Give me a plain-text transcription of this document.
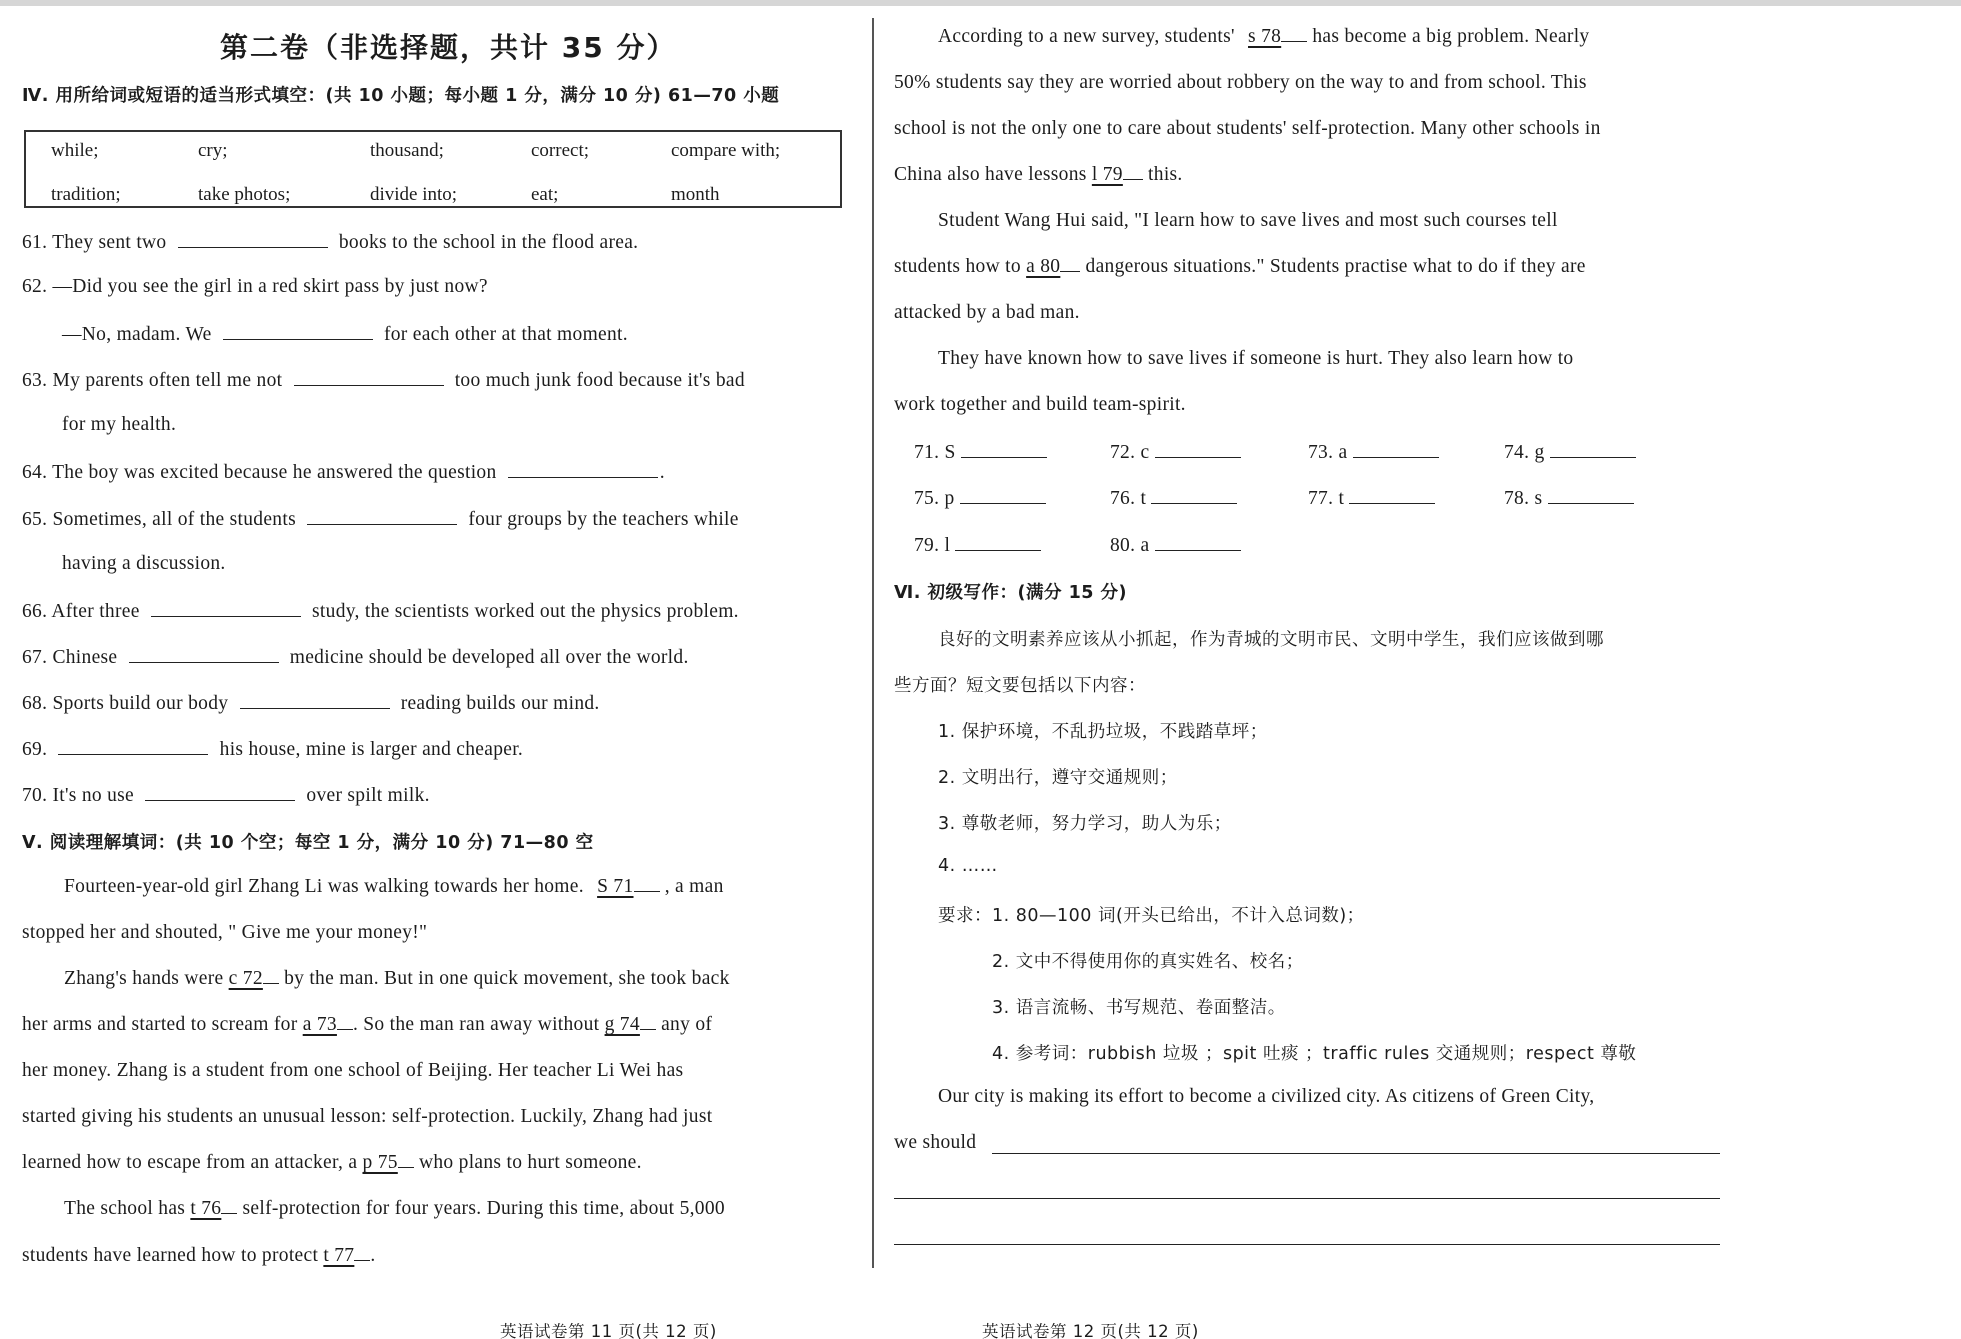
第二卷（非选择题，共计 35 分）
Ⅳ. 用所给词或短语的适当形式填空：(共 10 小题；每小题 1 分，满分 10 分) 61—70 小题
while;	cry;	thousand;	correct;	compare with;
tradition;	take photos;	divide into;	eat;	month
61. They sent two	books to the school in the flood area.
62. —Did you see the girl in a red skirt pass by just now?
—No, madam. We	for each other at that moment.
63. My parents often tell me not	too much junk food because it's bad
for my health.
64. The boy was excited because he answered the question	.
65. Sometimes, all of the students	four groups by the teachers while
having a discussion.
66. After three	study, the scientists worked out the physics problem.
67. Chinese	medicine should be developed all over the world.
68. Sports build our body	reading builds our mind.
69.	his house, mine is larger and cheaper.
70. It's no use	over spilt milk.
Ⅴ. 阅读理解填词：(共 10 个空；每空 1 分，满分 10 分) 71—80 空
Fourteen-year-old girl Zhang Li was walking towards her home. S 71 , a man
stopped her and shouted, " Give me your money!"
Zhang's hands were c 72 by the man. But in one quick movement, she took back
her arms and started to scream for a 73 . So the man ran away without g 74 any of
her money. Zhang is a student from one school of Beijing. Her teacher Li Wei has
started giving his students an unusual lesson: self-protection. Luckily, Zhang had just
learned how to escape from an attacker, a p 75 who plans to hurt someone.
The school has t 76 self-protection for four years. During this time, about 5,000
students have learned how to protect t 77 .
英语试卷第 11 页(共 12 页)
According to a new survey, students' s 78 has become a big problem. Nearly
50% students say they are worried about robbery on the way to and from school. This
school is not the only one to care about students' self-protection. Many other schools in
China also have lessons l 79 this.
Student Wang Hui said, "I learn how to save lives and most such courses tell
students how to a 80 dangerous situations." Students practise what to do if they are
attacked by a bad man.
They have known how to save lives if someone is hurt. They also learn how to
work together and build team-spirit.
71. S	72. c	73. a	74. g
75. p	76. t	77. t	78. s
79. l	80. a
Ⅵ. 初级写作：(满分 15 分)
良好的文明素养应该从小抓起，作为青城的文明市民、文明中学生，我们应该做到哪
些方面？短文要包括以下内容：
1. 保护环境，不乱扔垃圾，不践踏草坪；
2. 文明出行，遵守交通规则；
3. 尊敬老师，努力学习，助人为乐；
4. ……
要求：1. 80—100 词(开头已给出，不计入总词数)；
2. 文中不得使用你的真实姓名、校名；
3. 语言流畅、书写规范、卷面整洁。
4. 参考词：rubbish 垃圾 ；spit 吐痰 ；traffic rules 交通规则；respect 尊敬
Our city is making its effort to become a civilized city. As citizens of Green City,
we should
英语试卷第 12 页(共 12 页)
